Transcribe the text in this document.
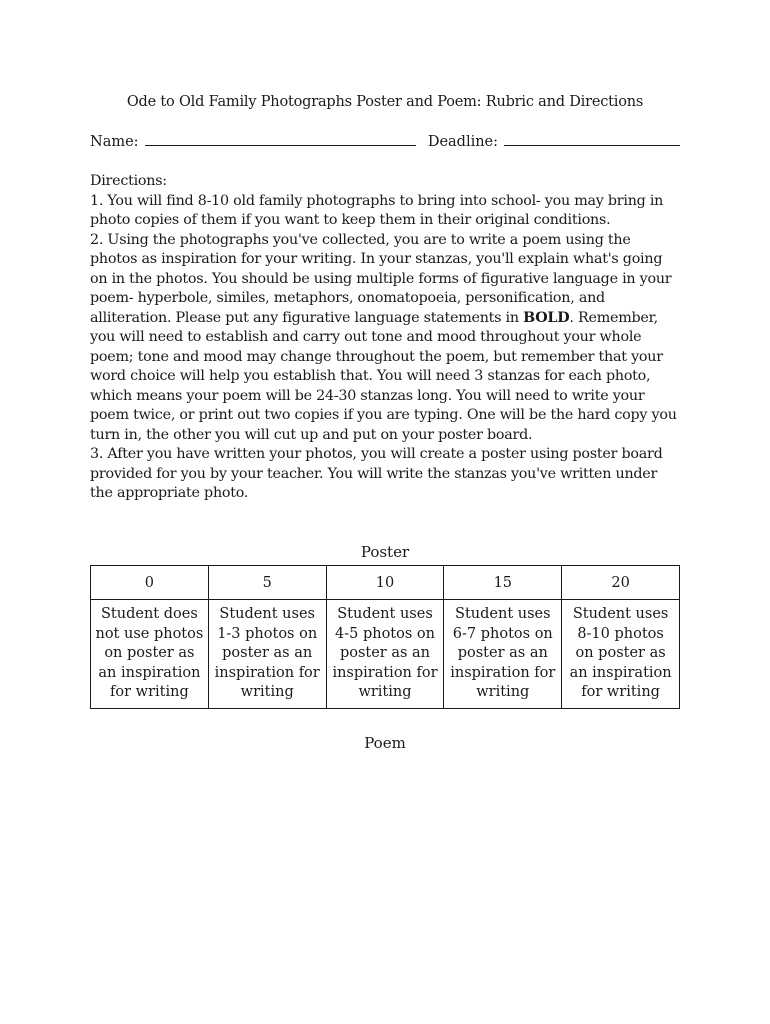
Ode to Old Family Photographs Poster and Poem: Rubric and Directions
Name:	Deadline:

Directions:

1. You will find 8-10 old family photographs to bring into school- you may bring in photo copies of them if you want to keep them in their original conditions.

2. Using the photographs you've collected, you are to write a poem using the photos as inspiration for your writing. In your stanzas, you'll explain what's going on in the photos. You should be using multiple forms of figurative language in your poem- hyperbole, similes, metaphors, onomatopoeia, personification, and alliteration. Please put any figurative language statements in BOLD. Remember, you will need to establish and carry out tone and mood throughout your whole poem; tone and mood may change throughout the poem, but remember that your word choice will help you establish that. You will need 3 stanzas for each photo, which means your poem will be 24-30 stanzas long. You will need to write your poem twice, or print out two copies if you are typing. One will be the hard copy you turn in, the other you will cut up and put on your poster board.

3. After you have written your photos, you will create a poster using poster board provided for you by your teacher. You will write the stanzas you've written under the appropriate photo.

Poster
0	5	10	15	20
Student does not use photos on poster as an inspiration for writing	Student uses 1-3 photos on poster as an inspiration for writing	Student uses 4-5 photos on poster as an inspiration for writing	Student uses 6-7 photos on poster as an inspiration for writing	Student uses 8-10 photos on poster as an inspiration for writing
Poem
